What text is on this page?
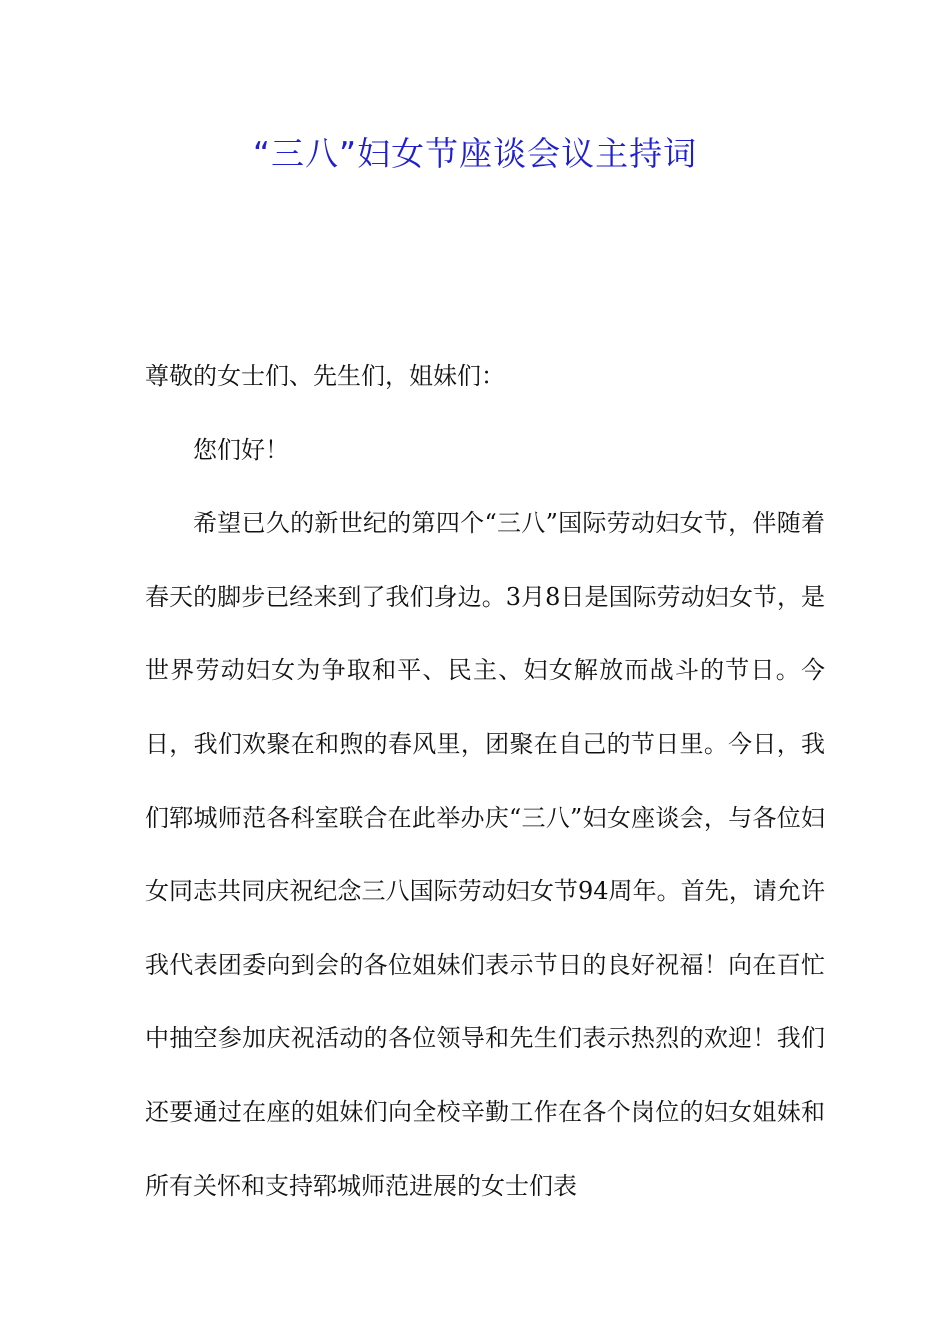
“三八”妇女节座谈会议主持词

尊敬的女士们、先生们，姐妹们：

您们好！

希望已久的新世纪的第四个“三八”国际劳动妇女节，伴随着春天的脚步已经来到了我们身边。3月8日是国际劳动妇女节，是世界劳动妇女为争取和平、民主、妇女解放而战斗的节日。今日，我们欢聚在和煦的春风里，团聚在自己的节日里。今日，我们郓城师范各科室联合在此举办庆“三八”妇女座谈会，与各位妇女同志共同庆祝纪念三八国际劳动妇女节94周年。首先，请允许我代表团委向到会的各位姐妹们表示节日的良好祝福！向在百忙中抽空参加庆祝活动的各位领导和先生们表示热烈的欢迎！我们还要通过在座的姐妹们向全校辛勤工作在各个岗位的妇女姐妹和所有关怀和支持郓城师范进展的女士们表
